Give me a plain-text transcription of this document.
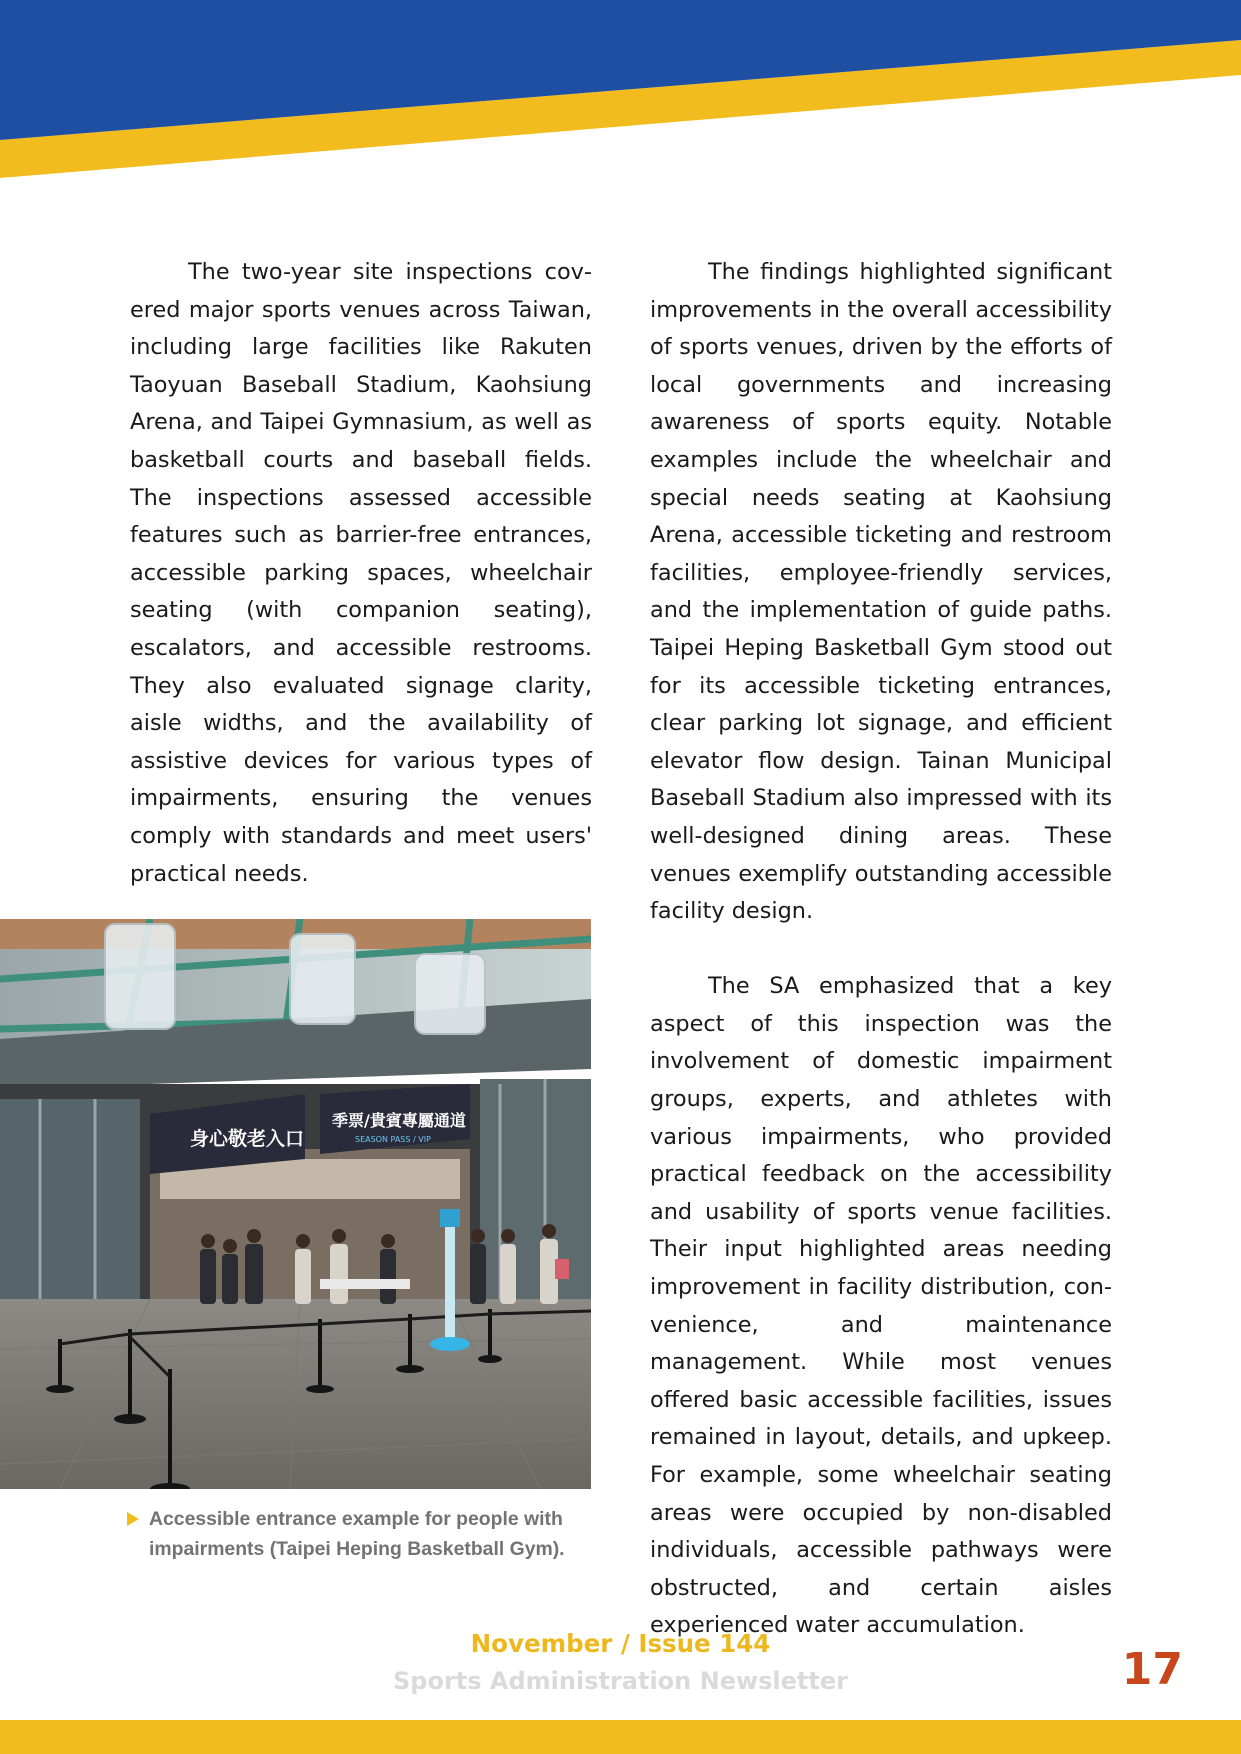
The two-year site inspections covered major sports venues across Taiwan, including large facilities like Rakuten Taoyuan Baseball Stadium, Kaohsiung Arena, and Taipei Gymnasium, as well as basketball courts and baseball fields. The inspections assessed accessible features such as barrier-free entrances, accessible parking spaces, wheelchair seating (with companion seating), escalators, and accessible restrooms. They also evaluated signage clarity, aisle widths, and the availability of assistive devices for various types of impairments, ensuring the venues comply with standards and meet users' practical needs.

The findings highlighted significant improvements in the overall accessibility of sports venues, driven by the efforts of local governments and increasing awareness of sports equity. Notable examples include the wheelchair and special needs seating at Kaohsiung Arena, accessible ticketing and restroom facilities, employee-friendly services, and the implementation of guide paths. Taipei Heping Basketball Gym stood out for its accessible ticketing entrances, clear parking lot signage, and efficient elevator flow design. Tainan Municipal Baseball Stadium also impressed with its well-designed dining areas. These venues exemplify outstanding accessible facility design.

The SA emphasized that a key aspect of this inspection was the involvement of domestic impairment groups, experts, and athletes with various impairments, who provided practical feedback on the accessibility and usability of sports venue facilities. Their input highlighted areas needing improvement in facility distribution, convenience, and maintenance management. While most venues offered basic accessible facilities, issues remained in layout, details, and upkeep. For example, some wheelchair seating areas were occupied by non-disabled individuals, accessible pathways were obstructed, and certain aisles experienced water accumulation.

身心敬老入口
季票/貴賓專屬通道
SEASON PASS / VIP
Accessible entrance example for people with impairments (Taipei Heping Basketball Gym).
November / Issue 144
Sports Administration Newsletter	17
